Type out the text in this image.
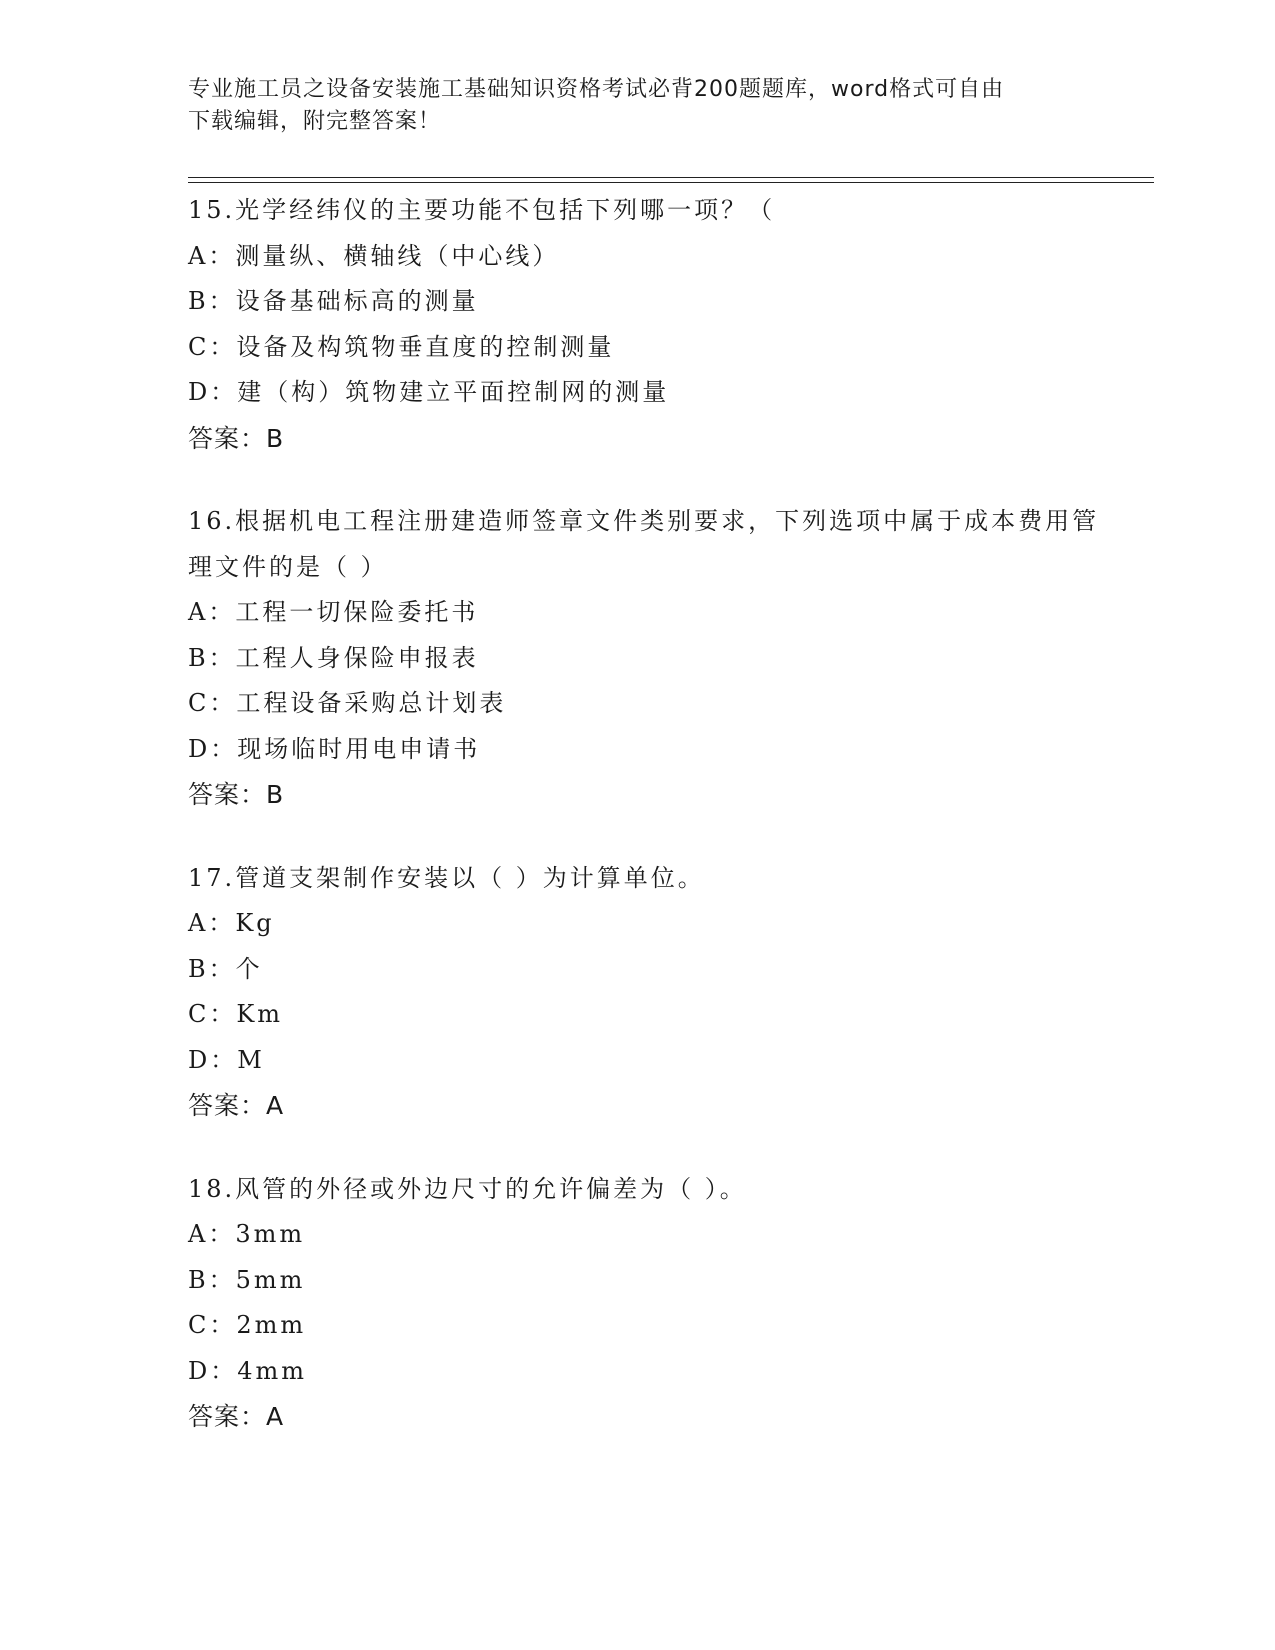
专业施工员之设备安装施工基础知识资格考试必背200题题库，word格式可自由
下载编辑，附完整答案！
15.光学经纬仪的主要功能不包括下列哪一项？（
A：测量纵、横轴线（中心线）
B：设备基础标高的测量
C：设备及构筑物垂直度的控制测量
D：建（构）筑物建立平面控制网的测量
答案：B
16.根据机电工程注册建造师签章文件类别要求，下列选项中属于成本费用管理文件的是（ ）
A：工程一切保险委托书
B：工程人身保险申报表
C：工程设备采购总计划表
D：现场临时用电申请书
答案：B
17.管道支架制作安装以（ ）为计算单位。
A：Kg
B：个
C：Km
D：M
答案：A
18.风管的外径或外边尺寸的允许偏差为（ ）。
A：3mm
B：5mm
C：2mm
D：4mm
答案：A
